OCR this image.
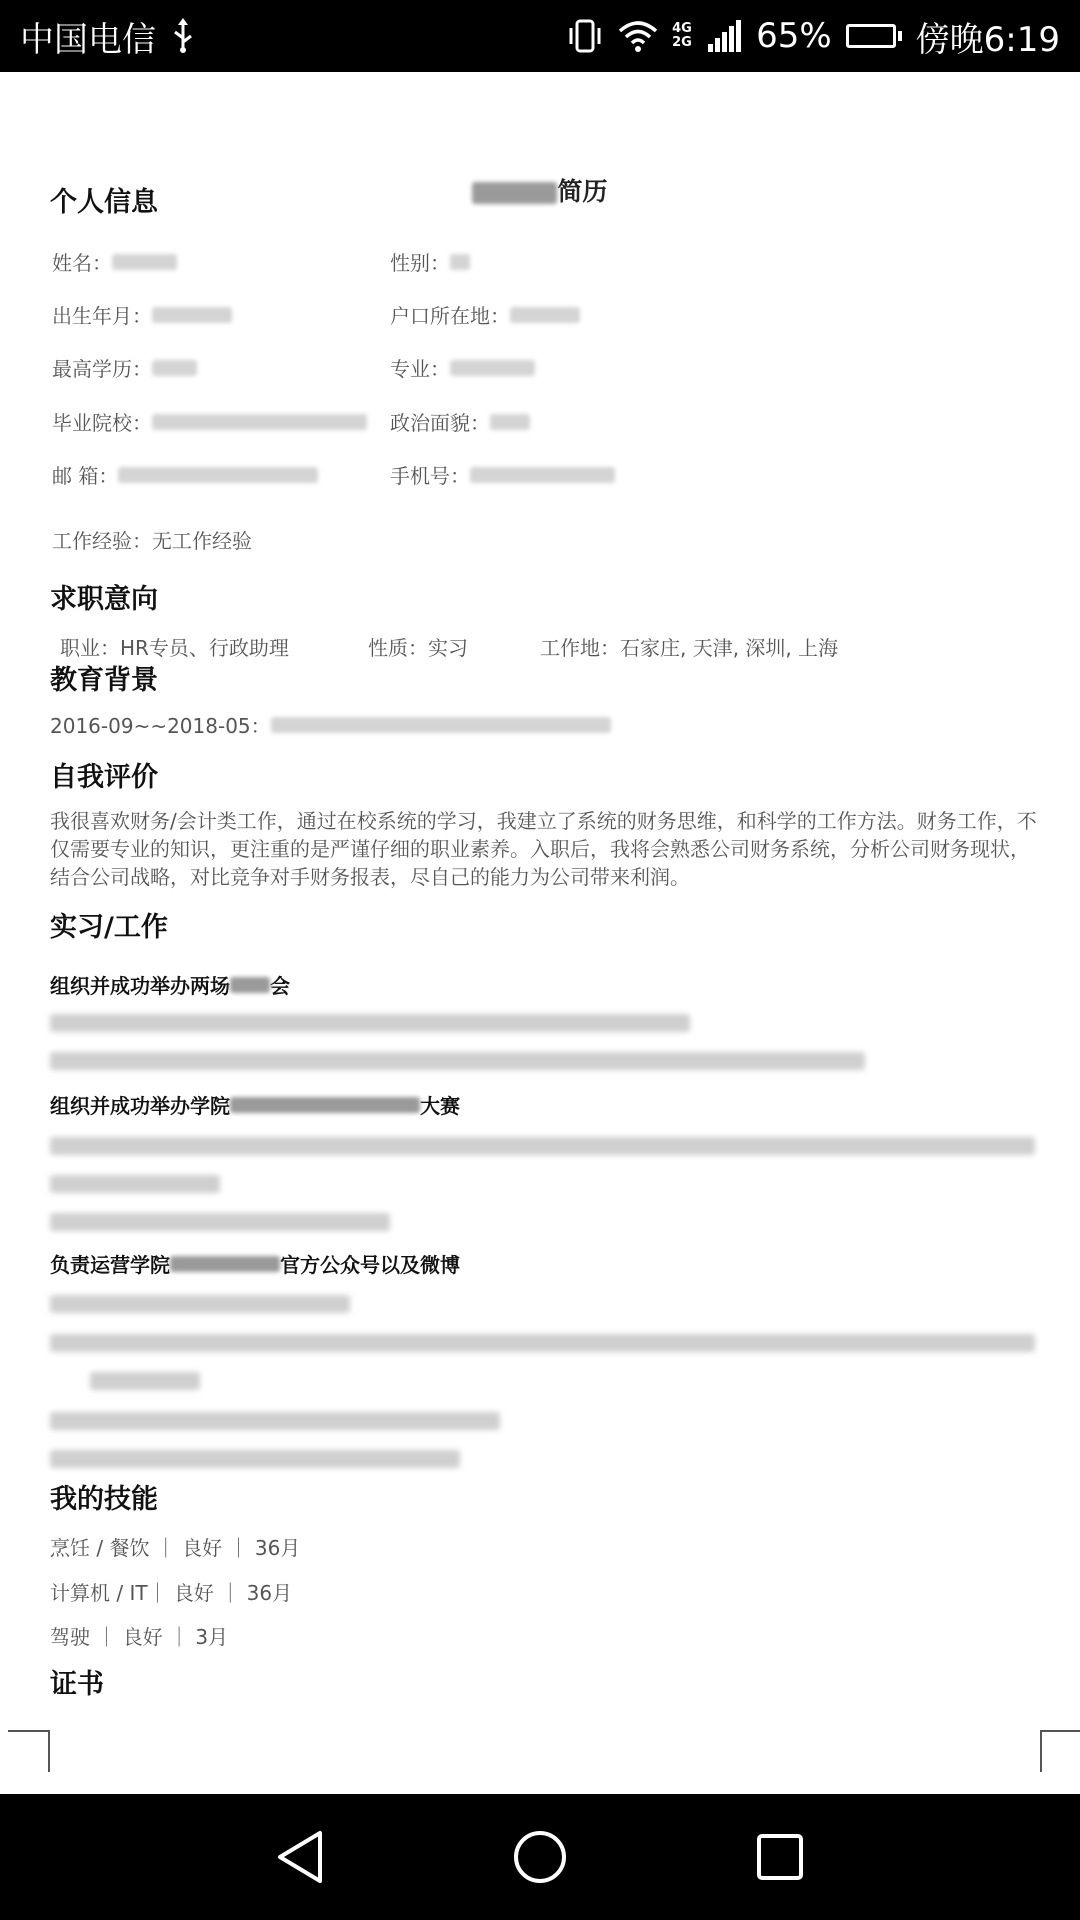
中国电信	4G 2G 65% 傍晚6:19
简历
个人信息
姓名：	性别：
出生年月：	户口所在地：
最高学历：	专业：
毕业院校：	政治面貌：
邮 箱：	手机号：
工作经验：无工作经验
求职意向
职业：HR专员、行政助理	性质：实习	工作地：石家庄, 天津, 深圳, 上海
教育背景
2016-09~~2018-05：
自我评价
我很喜欢财务/会计类工作，通过在校系统的学习，我建立了系统的财务思维，和科学的工作方法。财务工作，不仅需要专业的知识，更注重的是严谨仔细的职业素养。入职后，我将会熟悉公司财务系统，分析公司财务现状，结合公司战略，对比竞争对手财务报表，尽自己的能力为公司带来利润。
实习/工作
组织并成功举办两场 会
组织并成功举办学院	大赛
负责运营学院	官方公众号以及微博
我的技能
烹饪 / 餐饮 ｜ 良好 ｜ 36月
计算机 / IT｜ 良好 ｜ 36月
驾驶 ｜ 良好 ｜ 3月
证书
